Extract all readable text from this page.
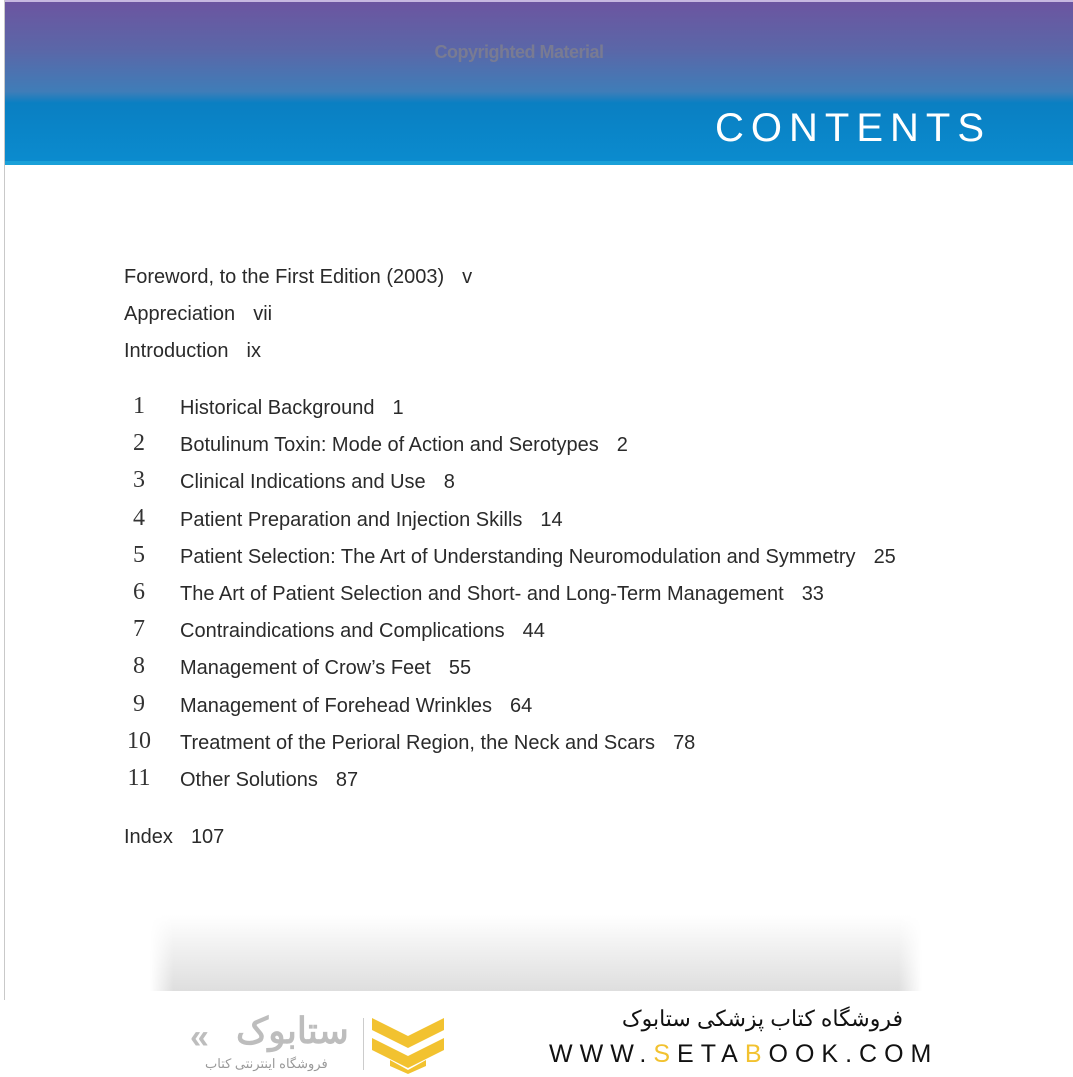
Copyrighted Material
CONTENTS
Foreword, to the First Edition (2003) v
Appreciation vii
Introduction ix
1	Historical Background 1
2	Botulinum Toxin: Mode of Action and Serotypes 2
3	Clinical Indications and Use 8
4	Patient Preparation and Injection Skills 14
5	Patient Selection: The Art of Understanding Neuromodulation and Symmetry 25
6	The Art of Patient Selection and Short- and Long-Term Management 33
7	Contraindications and Complications 44
8	Management of Crow’s Feet 55
9	Management of Forehead Wrinkles 64
10 Treatment of the Perioral Region, the Neck and Scars 78
11 Other Solutions 87
Index 107
« ستابوک
فروشگاه اینترنتی کتاب
فروشگاه کتاب پزشکی ستابوک
WWW.SETABOOK.COM
